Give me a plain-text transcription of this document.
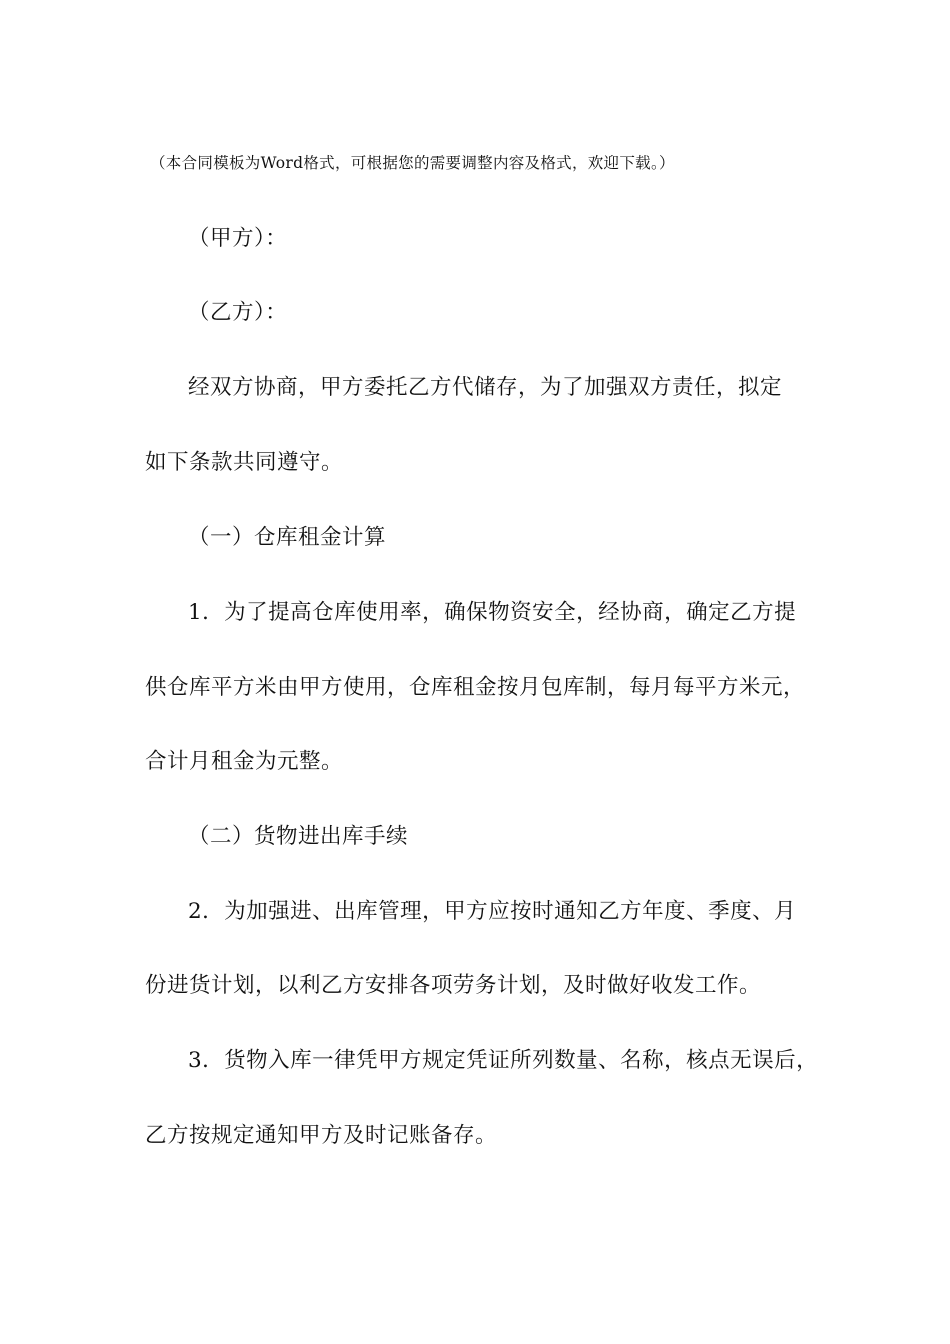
（本合同模板为Word格式，可根据您的需要调整内容及格式，欢迎下载。）
（甲方）：
（乙方）：
经双方协商，甲方委托乙方代储存，为了加强双方责任，拟定
如下条款共同遵守。
（一）仓库租金计算
1．为了提高仓库使用率，确保物资安全，经协商，确定乙方提
供仓库平方米由甲方使用，仓库租金按月包库制，每月每平方米元，
合计月租金为元整。
（二）货物进出库手续
2．为加强进、出库管理，甲方应按时通知乙方年度、季度、月
份进货计划，以利乙方安排各项劳务计划，及时做好收发工作。
3．货物入库一律凭甲方规定凭证所列数量、名称，核点无误后，
乙方按规定通知甲方及时记账备存。
